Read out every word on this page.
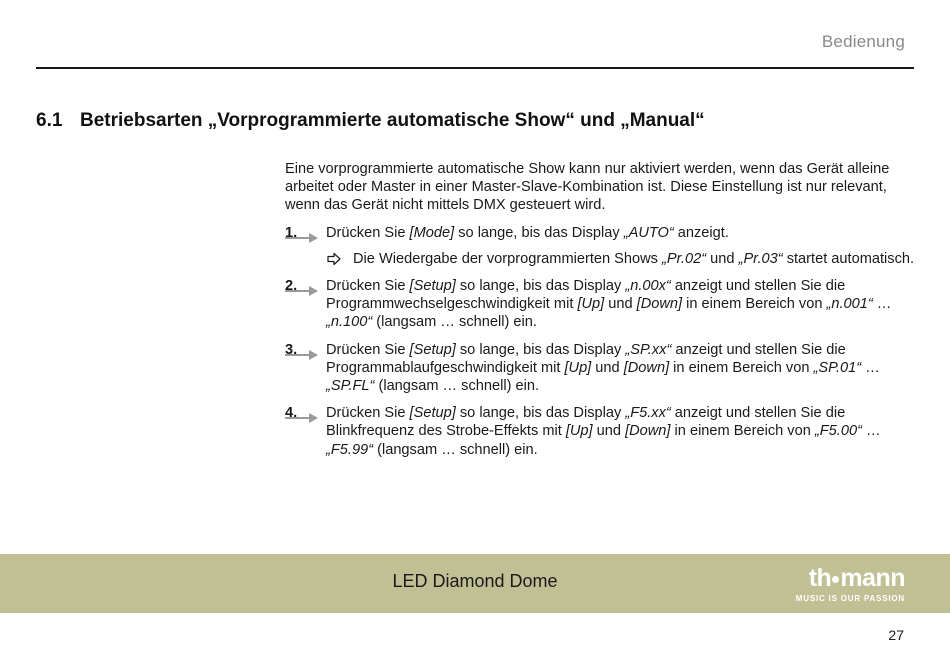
Bedienung
6.1 Betriebsarten „Vorprogrammierte automatische Show“ und „Manual“

Eine vorprogrammierte automatische Show kann nur aktiviert werden, wenn das Gerät alleine arbeitet oder Master in einer Master-Slave-Kombination ist. Diese Einstellung ist nur relevant, wenn das Gerät nicht mittels DMX gesteuert wird.

1. Drücken Sie [Mode] so lange, bis das Display „AUTO“ anzeigt.
Die Wiedergabe der vorprogrammierten Shows „Pr.02“ und „Pr.03“ startet automatisch.
2. Drücken Sie [Setup] so lange, bis das Display „n.00x“ anzeigt und stellen Sie die Programmwechselgeschwindigkeit mit [Up] und [Down] in einem Bereich von „n.001“ … „n.100“ (langsam … schnell) ein.
3. Drücken Sie [Setup] so lange, bis das Display „SP.xx“ anzeigt und stellen Sie die Programmablaufgeschwindigkeit mit [Up] und [Down] in einem Bereich von „SP.01“ … „SP.FL“ (langsam … schnell) ein.
4. Drücken Sie [Setup] so lange, bis das Display „F5.xx“ anzeigt und stellen Sie die Blinkfrequenz des Strobe-Effekts mit [Up] und [Down] in einem Bereich von „F5.00“ … „F5.99“ (langsam … schnell) ein.
LED Diamond Dome	th mann
MUSIC IS OUR PASSION
27
